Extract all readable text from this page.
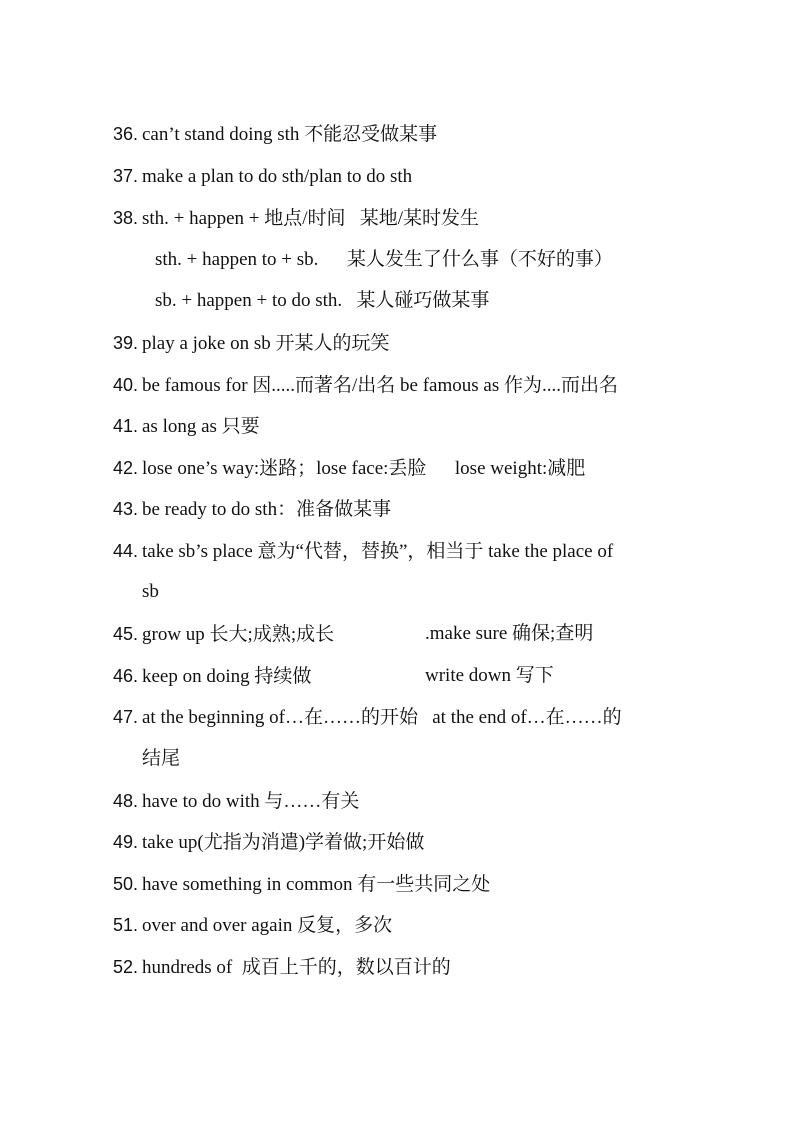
36. can’t stand doing sth 不能忍受做某事
37. make a plan to do sth/plan to do sth
38. sth. + happen + 地点/时间   某地/某时发生
sth. + happen to + sb.      某人发生了什么事（不好的事）
sb. + happen + to do sth.   某人碰巧做某事
39. play a joke on sb 开某人的玩笑
40. be famous for 因.....而著名/出名 be famous as 作为....而出名
41. as long as 只要
42. lose one’s way:迷路；lose face:丢脸      lose weight:减肥
43. be ready to do sth：准备做某事
44. take sb’s place 意为“代替，替换”，相当于 take the place of
sb
45. grow up 长大;成熟;成长	.make sure 确保;查明
46. keep on doing 持续做	write down 写下
47. at the beginning of…在……的开始   at the end of…在……的
结尾
48. have to do with 与……有关
49. take up(尤指为消遣)学着做;开始做
50. have something in common 有一些共同之处
51. over and over again 反复，多次
52. hundreds of  成百上千的，数以百计的
